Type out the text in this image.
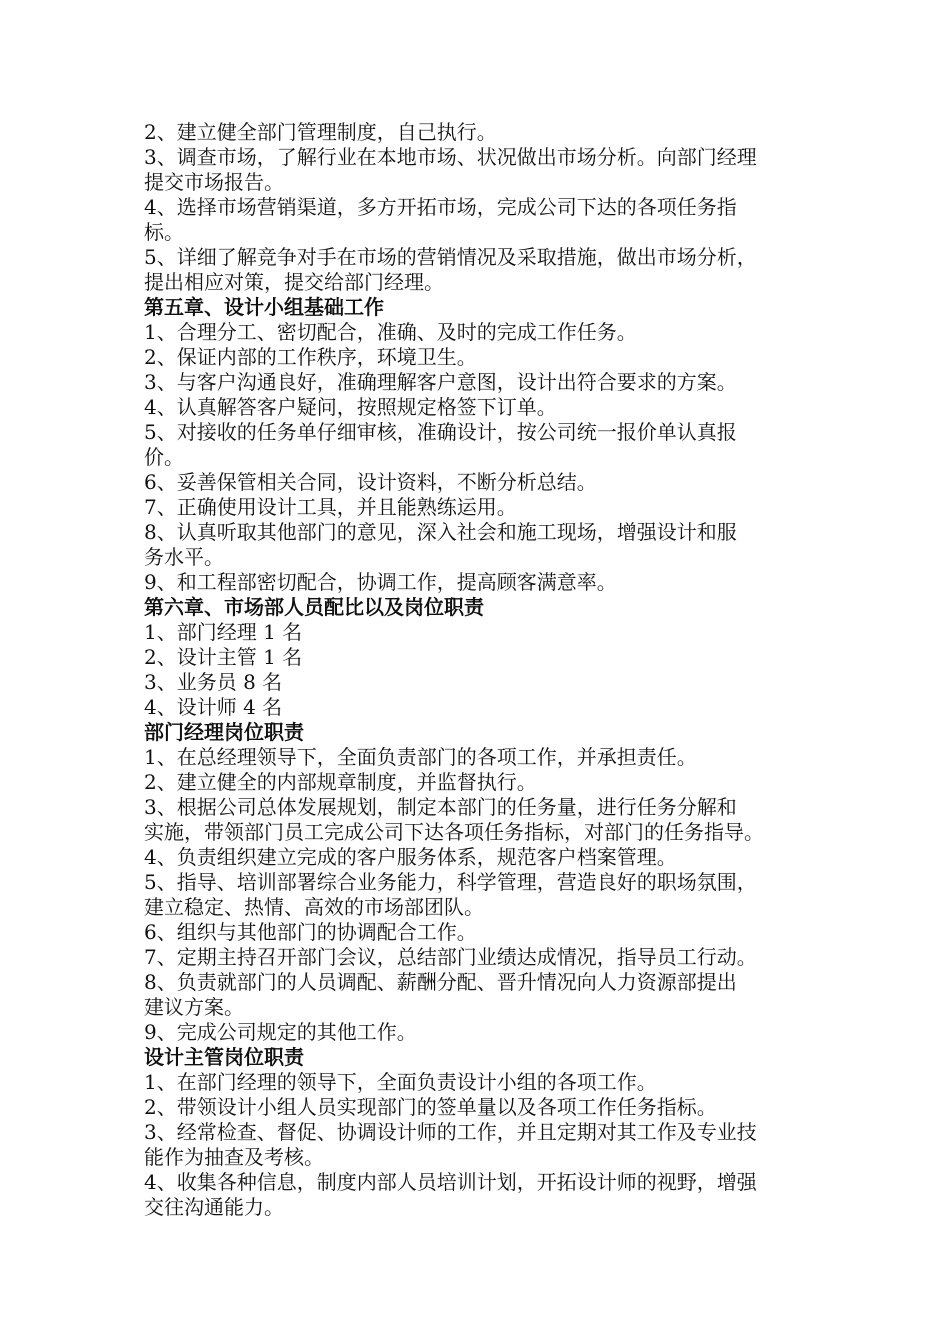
2、建立健全部门管理制度，自己执行。
3、调查市场，了解行业在本地市场、状况做出市场分析。向部门经理
提交市场报告。
4、选择市场营销渠道，多方开拓市场，完成公司下达的各项任务指
标。
5、详细了解竞争对手在市场的营销情况及采取措施，做出市场分析，
提出相应对策，提交给部门经理。
第五章、设计小组基础工作
1、合理分工、密切配合，准确、及时的完成工作任务。
2、保证内部的工作秩序，环境卫生。
3、与客户沟通良好，准确理解客户意图，设计出符合要求的方案。
4、认真解答客户疑问，按照规定格签下订单。
5、对接收的任务单仔细审核，准确设计，按公司统一报价单认真报
价。
6、妥善保管相关合同，设计资料，不断分析总结。
7、正确使用设计工具，并且能熟练运用。
8、认真听取其他部门的意见，深入社会和施工现场，增强设计和服
务水平。
9、和工程部密切配合，协调工作，提高顾客满意率。
第六章、市场部人员配比以及岗位职责
1、部门经理 1 名
2、设计主管 1 名
3、业务员 8 名
4、设计师 4 名
部门经理岗位职责
1、在总经理领导下，全面负责部门的各项工作，并承担责任。
2、建立健全的内部规章制度，并监督执行。
3、根据公司总体发展规划，制定本部门的任务量，进行任务分解和
实施，带领部门员工完成公司下达各项任务指标，对部门的任务指导。
4、负责组织建立完成的客户服务体系，规范客户档案管理。
5、指导、培训部署综合业务能力，科学管理，营造良好的职场氛围，
建立稳定、热情、高效的市场部团队。
6、组织与其他部门的协调配合工作。
7、定期主持召开部门会议，总结部门业绩达成情况，指导员工行动。
8、负责就部门的人员调配、薪酬分配、晋升情况向人力资源部提出
建议方案。
9、完成公司规定的其他工作。
设计主管岗位职责
1、在部门经理的领导下，全面负责设计小组的各项工作。
2、带领设计小组人员实现部门的签单量以及各项工作任务指标。
3、经常检查、督促、协调设计师的工作，并且定期对其工作及专业技
能作为抽查及考核。
4、收集各种信息，制度内部人员培训计划，开拓设计师的视野，增强
交往沟通能力。
